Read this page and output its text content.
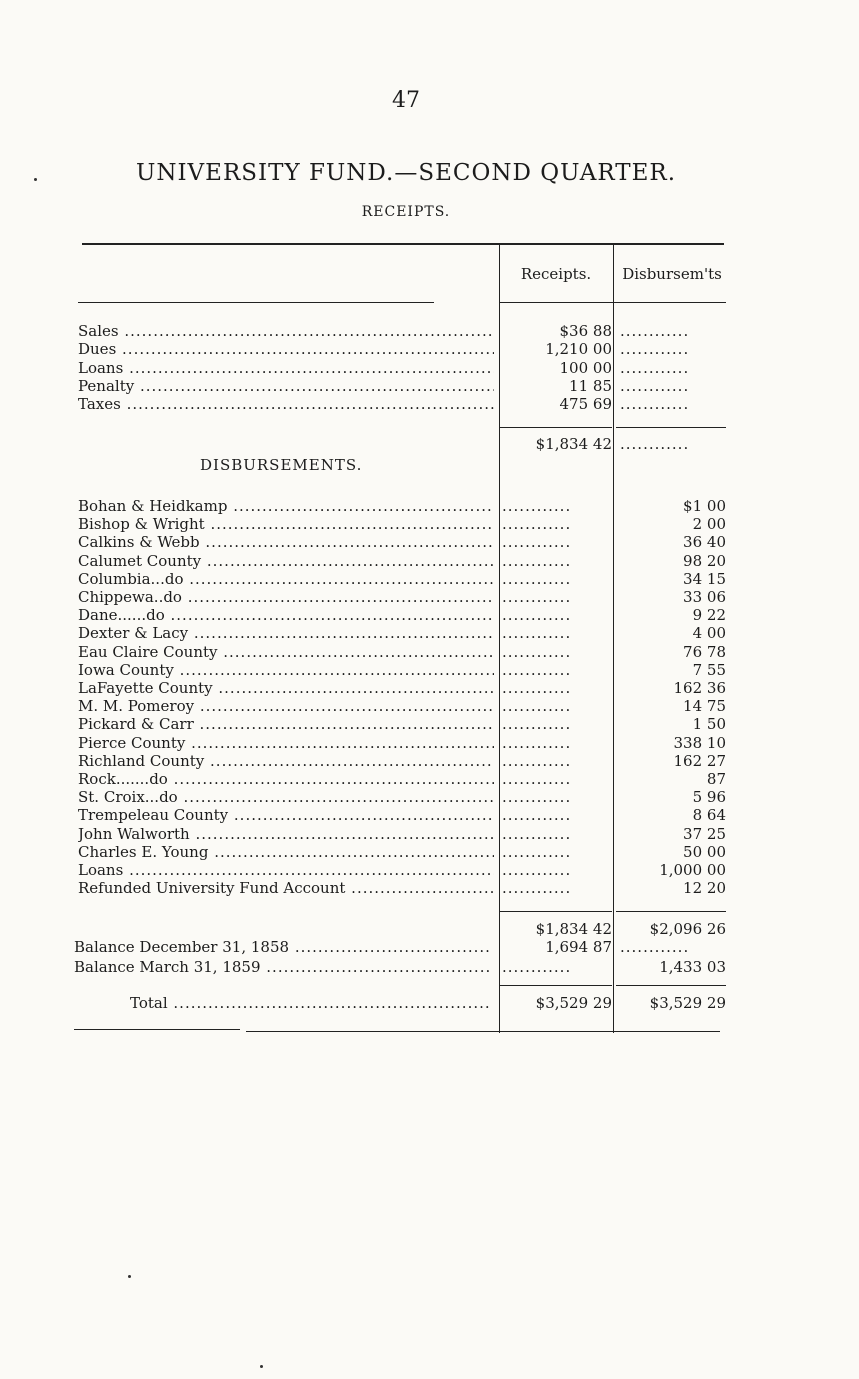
47
UNIVERSITY FUND.—SECOND QUARTER.
RECEIPTS.
Receipts.	Disbursem'ts
Sales .....	$36 88 ............
Dues .....	1,210 00 ............
Loans .....	100 00 ............
Penalty .....	11 85 ............
Taxes .....	475 69 ............
$1,834 42 ............
DISBURSEMENTS.
Bohan & Heidkamp .....	............	$1 00
Bishop & Wright .....	............	2 00
Calkins & Webb .....	............	36 40
Calumet County .....	............	98 20
Columbia...do .....	............	34 15
Chippewa..do .....	............	33 06
Dane......do .....	............	9 22
Dexter & Lacy .....	............	4 00
Eau Claire County .....	............	76 78
Iowa County .....	............	7 55
LaFayette County .....	............	162 36
M. M. Pomeroy .....	............	14 75
Pickard & Carr .....	............	1 50
Pierce County .....	............	338 10
Richland County .....	............	162 27
Rock.......do .....	............	87
St. Croix...do .....	............	5 96
Trempeleau County .....	............	8 64
John Walworth .....	............	37 25
Charles E. Young .....	............	50 00
Loans .....	............	1,000 00
Refunded University Fund Account .....	............	12 20
$1,834 42	$2,096 26
Balance December 31, 1858 .....	1,694 87 ............
Balance March 31, 1859 .....	............	1,433 03
Total .....	$3,529 29	$3,529 29
